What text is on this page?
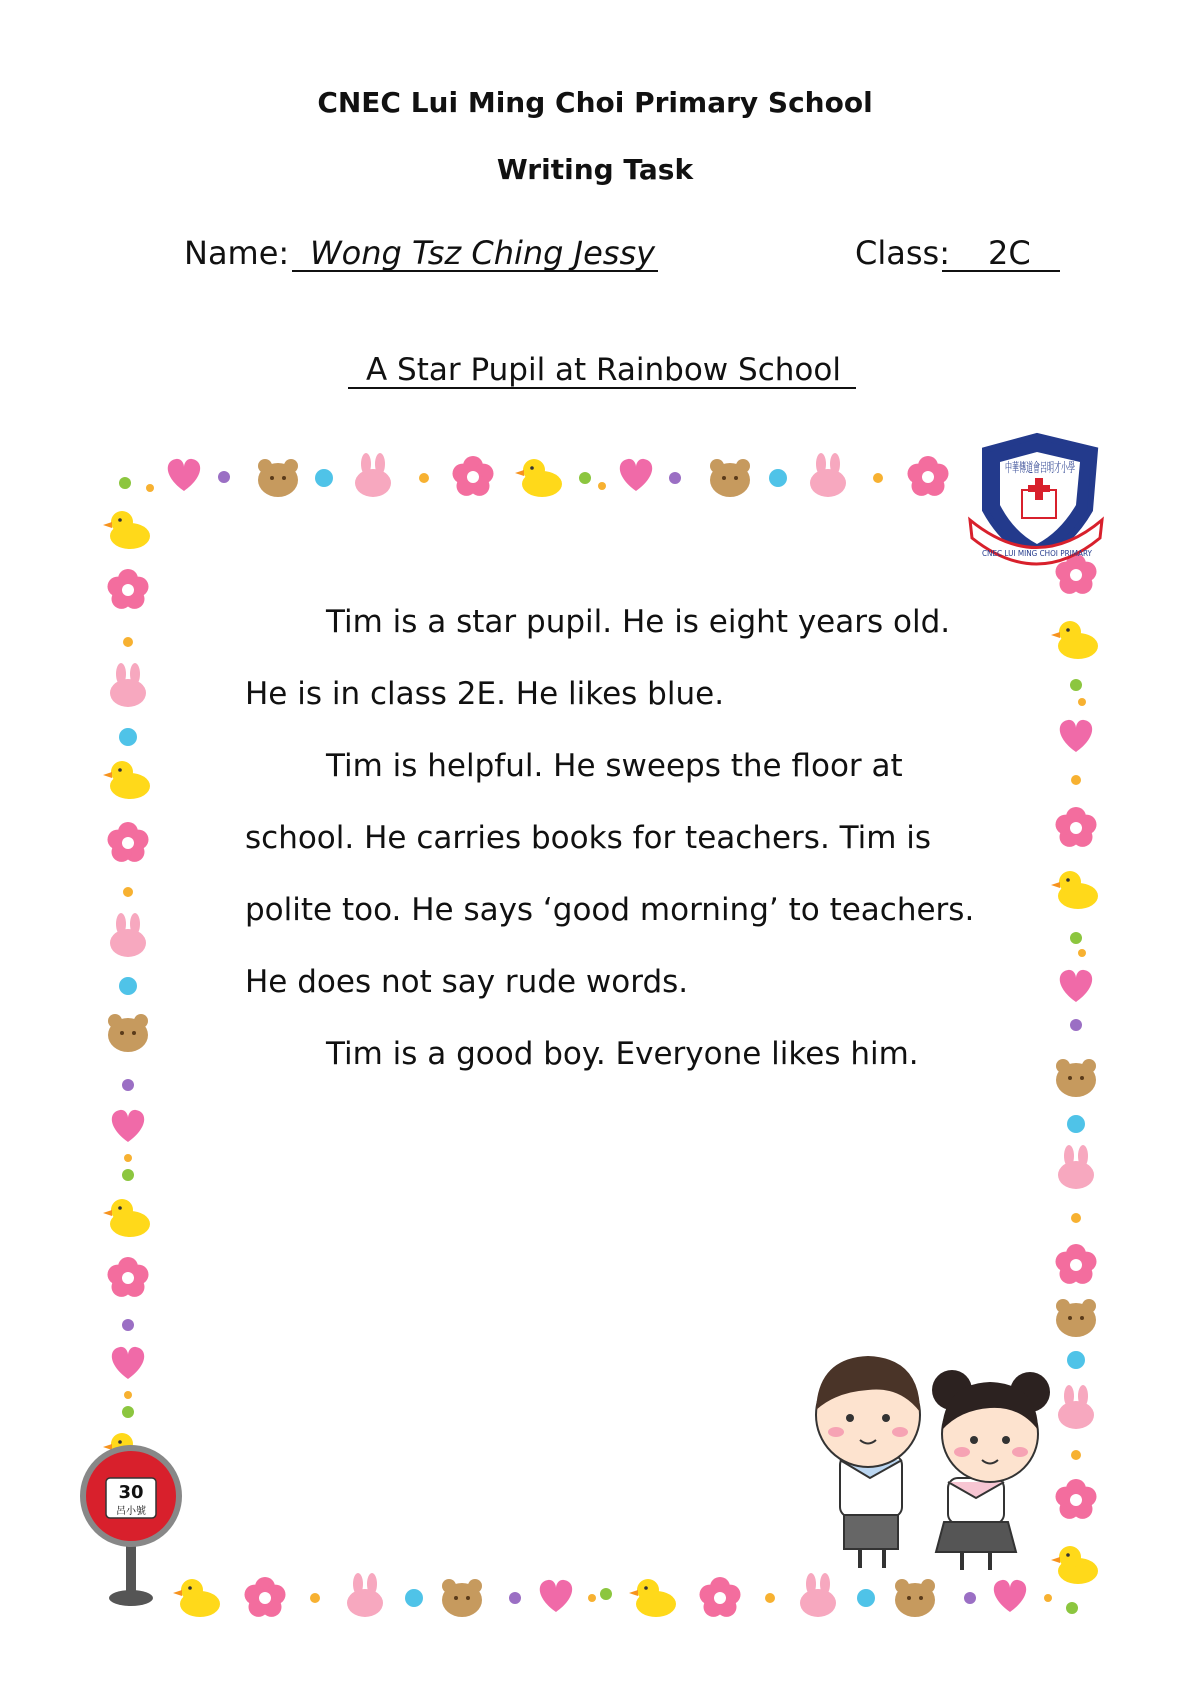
CNEC Lui Ming Choi Primary School
Writing Task
Name: Wong Tsz Ching Jessy	Class: 2C
A Star Pupil at Rainbow School
Tim is a star pupil. He is eight years old.
He is in class 2E. He likes blue.
Tim is helpful. He sweeps the floor at
school. He carries books for teachers. Tim is
polite too. He says ‘good morning’ to teachers.
He does not say rude words.
Tim is a good boy. Everyone likes him.
中華傳道會呂明才小學
CNEC LUI MING CHOI PRIMARY
30
呂小號
